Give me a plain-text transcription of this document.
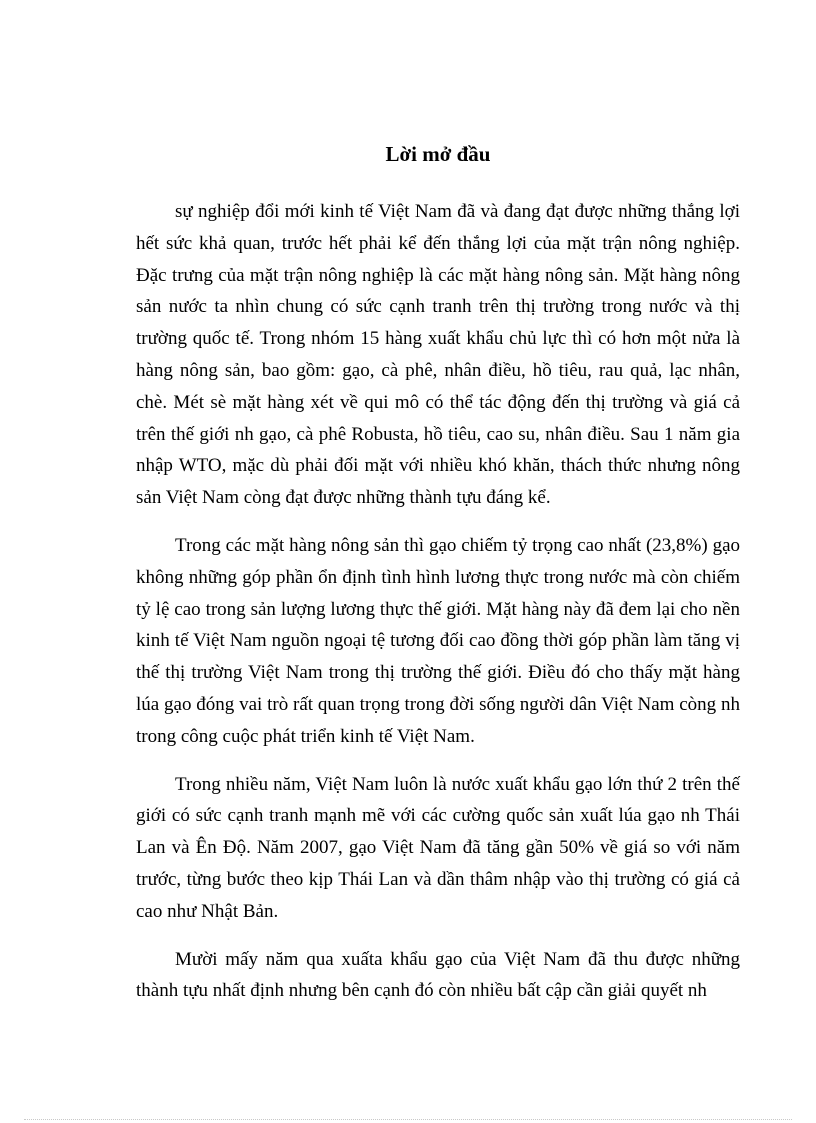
Lời mở đầu

sự nghiệp đổi mới kinh tế Việt Nam đã và đang đạt được những thắng lợi hết sức khả quan, trước hết phải kể đến thắng lợi của mặt trận nông nghiệp. Đặc trưng của mặt trận nông nghiệp là các mặt hàng nông sản. Mặt hàng nông sản nước ta nhìn chung có sức cạnh tranh trên thị trường trong nước và thị trường quốc tế. Trong nhóm 15 hàng xuất khẩu chủ lực thì có hơn một nửa là hàng nông sản, bao gồm: gạo, cà phê, nhân điều, hồ tiêu, rau quả, lạc nhân, chè. Mét sè mặt hàng xét về qui mô có thể tác động đến thị trường và giá cả trên thế giới nh gạo, cà phê Robusta, hồ tiêu, cao su, nhân điều. Sau 1 năm gia nhập WTO, mặc dù phải đối mặt với nhiều khó khăn, thách thức nhưng nông sản Việt Nam còng đạt được những thành tựu đáng kể.

Trong các mặt hàng nông sản thì gạo chiếm tỷ trọng cao nhất (23,8%) gạo không những góp phần ổn định tình hình lương thực trong nước mà còn chiếm tỷ lệ cao trong sản lượng lương thực thế giới. Mặt hàng này đã đem lại cho nền kinh tế Việt Nam nguồn ngoại tệ tương đối cao đồng thời góp phần làm tăng vị thế thị trường Việt Nam trong thị trường thế giới. Điều đó cho thấy mặt hàng lúa gạo đóng vai trò rất quan trọng trong đời sống người dân Việt Nam còng nh trong công cuộc phát triển kinh tế Việt Nam.

Trong nhiều năm, Việt Nam luôn là nước xuất khẩu gạo lớn thứ 2 trên thế giới có sức cạnh tranh mạnh mẽ với các cường quốc sản xuất lúa gạo nh Thái Lan và Ên Độ. Năm 2007, gạo Việt Nam đã tăng gần 50% về giá so với năm trước, từng bước theo kịp Thái Lan và dần thâm nhập vào thị trường có giá cả cao như Nhật Bản.

Mười mấy năm qua xuấta khẩu gạo của Việt Nam đã thu được những thành tựu nhất định nhưng bên cạnh đó còn nhiều bất cập cần giải quyết nh
